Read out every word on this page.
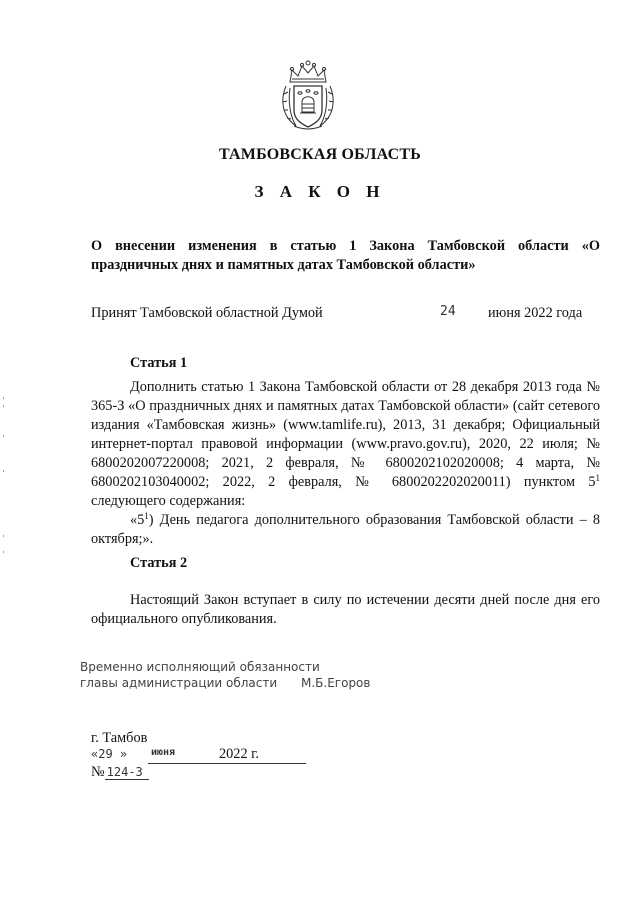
ТАМБОВСКАЯ ОБЛАСТЬ
З А К О Н
О внесении изменения в статью 1 Закона Тамбовской области «О праздничных днях и памятных датах Тамбовской области»
Принят Тамбовской областной Думой	24 июня 2022 года
Статья 1

Дополнить статью 1 Закона Тамбовской области от 28 декабря 2013 года № 365-З «О праздничных днях и памятных датах Тамбовской области» (сайт сетевого издания «Тамбовская жизнь» (www.tamlife.ru), 2013, 31 декабря; Официальный интернет-портал правовой информации (www.pravo.gov.ru), 2020, 22 июля; № 6800202007220008; 2021, 2 февраля, № 6800202102020008; 4 марта, № 6800202103040002; 2022, 2 февраля, № 6800202202020011) пунктом $5^1$ следующего содержания:

«$5^1$) День педагога дополнительного образования Тамбовской области – 8 октября;».

Статья 2

Настоящий Закон вступает в силу по истечении десяти дней после дня его официального опубликования.

Временно исполняющий обязанности
главы администрации области М.Б.Егоров
г. Тамбов
«29 » июня	2022 г.
№ 124-З
